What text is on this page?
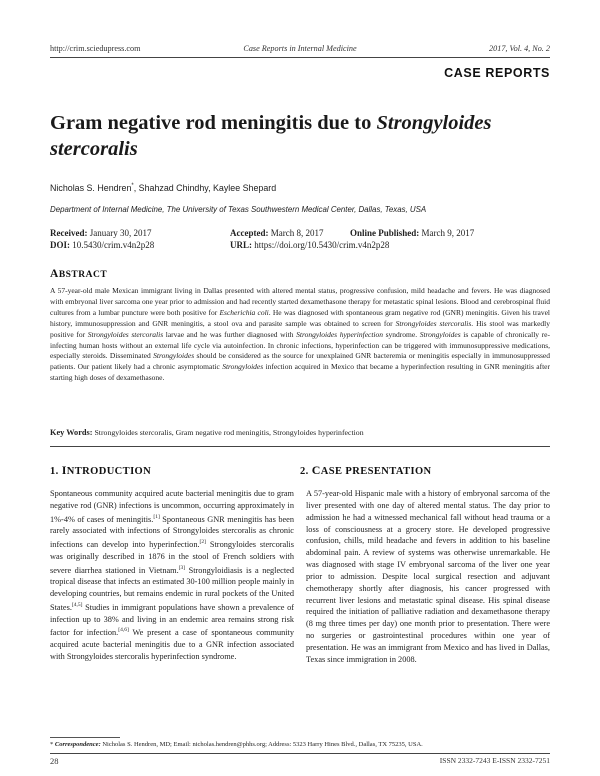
http://crim.sciedupress.com	Case Reports in Internal Medicine	2017, Vol. 4, No. 2
CASE REPORTS
Gram negative rod meningitis due to Strongyloides
stercoralis
Nicholas S. Hendren*, Shahzad Chindhy, Kaylee Shepard
Department of Internal Medicine, The University of Texas Southwestern Medical Center, Dallas, Texas, USA
Received: January 30, 2017	Accepted: March 8, 2017	Online Published: March 9, 2017
DOI: 10.5430/crim.v4n2p28	URL: https://doi.org/10.5430/crim.v4n2p28
ABSTRACT
A 57-year-old male Mexican immigrant living in Dallas presented with altered mental status, progressive confusion, mild headache and fevers. He was diagnosed with embryonal liver sarcoma one year prior to admission and had recently started dexamethasone therapy for metastatic spinal lesions. Blood and cerebrospinal fluid cultures from a lumbar puncture were both positive for Escherichia coli. He was diagnosed with spontaneous gram negative rod (GNR) meningitis. Given his travel history, immunosuppression and GNR meningitis, a stool ova and parasite sample was obtained to screen for Strongyloides stercoralis. His stool was markedly positive for Strongyloides stercoralis larvae and he was further diagnosed with Strongyloides hyperinfection syndrome. Strongyloides is capable of chronically re-infecting human hosts without an external life cycle via autoinfection. In chronic infections, hyperinfection can be triggered with immunosuppressive medications, especially steroids. Disseminated Strongyloides should be considered as the source for unexplained GNR bacteremia or meningitis especially in immunosuppressed patients. Our patient likely had a chronic asymptomatic Strongyloides infection acquired in Mexico that became a hyperinfection resulting in GNR meningitis after starting high doses of dexamethasone.
Key Words: Strongyloides stercoralis, Gram negative rod meningitis, Strongyloides hyperinfection
1. INTRODUCTION	2. CASE PRESENTATION
Spontaneous community acquired acute bacterial meningitis due to gram negative rod (GNR) infections is uncommon, occurring approximately in 1%-4% of cases of meningitis.[1] Spontaneous GNR meningitis has been rarely associated with infections of Strongyloides stercoralis as chronic infections can develop into hyperinfection.[2] Strongyloides stercoralis was originally described in 1876 in the stool of French soldiers with severe diarrhea stationed in Vietnam.[3] Strongyloidiasis is a neglected tropical disease that infects an estimated 30-100 million people mainly in developing countries, but remains endemic in rural pockets of the United States.[4,5] Studies in immigrant populations have shown a prevalence of infection up to 38% and living in an endemic area remains strong risk factor for infection.[4,6] We present a case of spontaneous community acquired acute bacterial meningitis due to a GNR infection associated with Strongyloides stercoralis hyperinfection syndrome.
A 57-year-old Hispanic male with a history of embryonal sarcoma of the liver presented with one day of altered mental status. The day prior to admission he had a witnessed mechanical fall without head trauma or a loss of consciousness at a grocery store. He developed progressive confusion, chills, mild headache and fevers in addition to his baseline abdominal pain. A review of systems was otherwise unremarkable. He was diagnosed with stage IV embryonal sarcoma of the liver one year prior to admission. Despite local surgical resection and adjuvant chemotherapy shortly after diagnosis, his cancer progressed with recurrent liver lesions and metastatic spinal disease. His spinal disease required the initiation of palliative radiation and dexamethasone therapy (8 mg three times per day) one month prior to presentation. There were no surgeries or gastrointestinal procedures within one year of presentation. He was an immigrant from Mexico and has lived in Dallas, Texas since immigration in 2008.
* Correspondence: Nicholas S. Hendren, MD; Email: nicholas.hendren@phhs.org; Address: 5323 Harry Hines Blvd., Dallas, TX 75235, USA.
28	ISSN 2332-7243 E-ISSN 2332-7251
